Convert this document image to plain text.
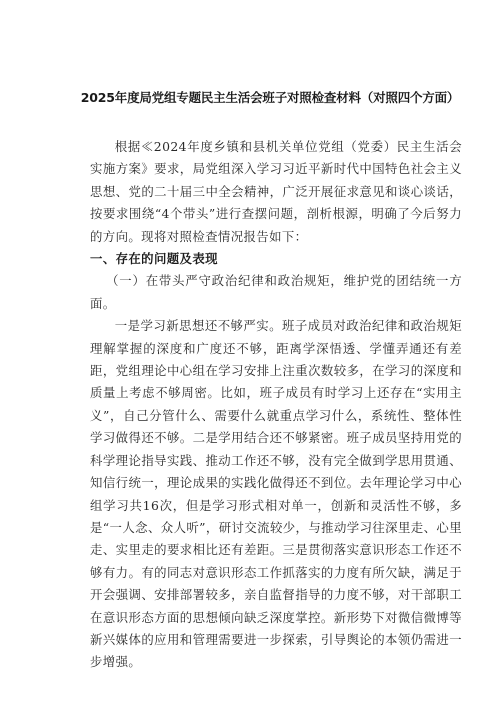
2025年度局党组专题民主生活会班子对照检查材料（对照四个方面）

根据≪2024年度乡镇和县机关单位党组（党委）民主生活会实施方案》要求，局党组深入学习习近平新时代中国特色社会主义思想、党的二十届三中全会精神，广泛开展征求意见和谈心谈话，按要求围绕“4个带头”进行查摆问题，剖析根源，明确了今后努力的方向。现将对照检查情况报告如下：

一、存在的问题及表现

（一）在带头严守政治纪律和政治规矩，维护党的团结统一方面。

一是学习新思想还不够严实。班子成员对政治纪律和政治规矩理解掌握的深度和广度还不够，距离学深悟透、学懂弄通还有差距，党组理论中心组在学习安排上注重次数较多，在学习的深度和质量上考虑不够周密。比如，班子成员有时学习上还存在“实用主义”，自己分管什么、需要什么就重点学习什么，系统性、整体性学习做得还不够。二是学用结合还不够紧密。班子成员坚持用党的科学理论指导实践、推动工作还不够，没有完全做到学思用贯通、知信行统一，理论成果的实践化做得还不到位。去年理论学习中心组学习共16次，但是学习形式相对单一，创新和灵活性不够，多是“一人念、众人听”，研讨交流较少，与推动学习往深里走、心里走、实里走的要求相比还有差距。三是贯彻落实意识形态工作还不够有力。有的同志对意识形态工作抓落实的力度有所欠缺，满足于开会强调、安排部署较多，亲自监督指导的力度不够，对干部职工在意识形态方面的思想倾向缺乏深度掌控。新形势下对微信微博等新兴媒体的应用和管理需要进一步探索，引导舆论的本领仍需进一步增强。
